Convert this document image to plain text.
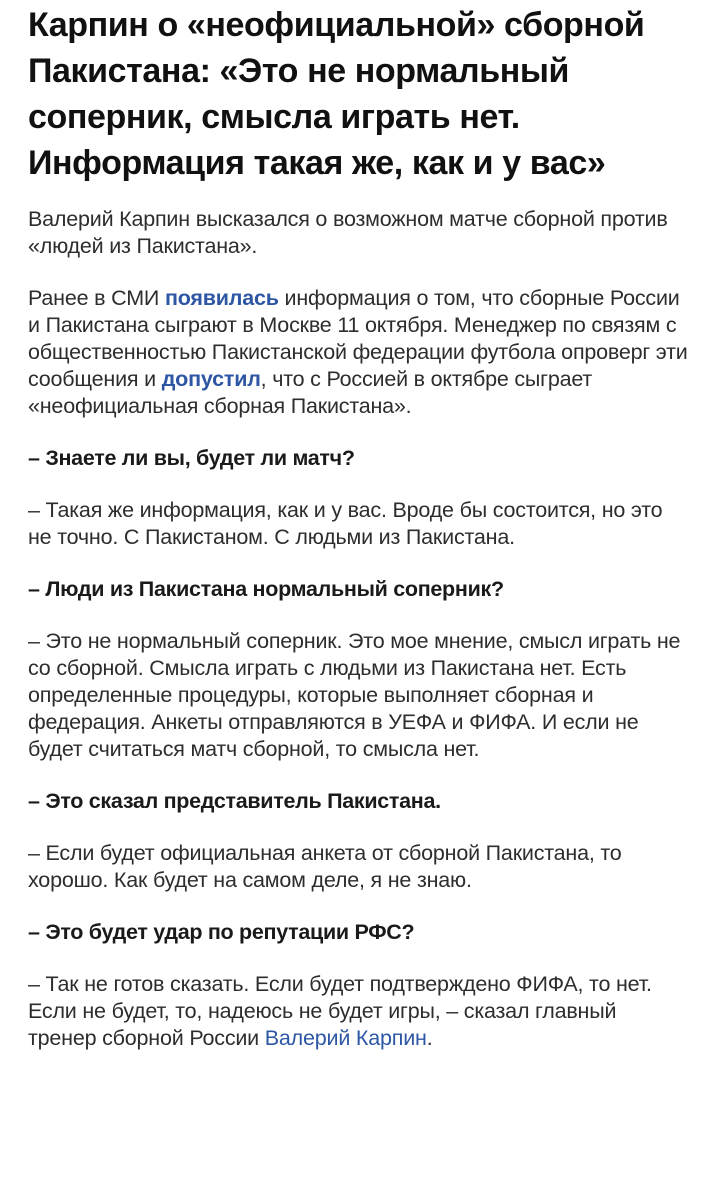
Карпин о «неофициальной» сборной Пакистана: «Это не нормальный соперник, смысла играть нет. Информация такая же, как и у вас»

Валерий Карпин высказался о возможном матче сборной против «людей из Пакистана».

Ранее в СМИ появилась информация о том, что сборные России и Пакистана сыграют в Москве 11 октября. Менеджер по связям с общественностью Пакистанской федерации футбола опроверг эти сообщения и допустил, что с Россией в октябре сыграет «неофициальная сборная Пакистана».

– Знаете ли вы, будет ли матч?

– Такая же информация, как и у вас. Вроде бы состоится, но это не точно. С Пакистаном. С людьми из Пакистана.

– Люди из Пакистана нормальный соперник?

– Это не нормальный соперник. Это мое мнение, смысл играть не со сборной. Смысла играть с людьми из Пакистана нет. Есть определенные процедуры, которые выполняет сборная и федерация. Анкеты отправляются в УЕФА и ФИФА. И если не будет считаться матч сборной, то смысла нет.

– Это сказал представитель Пакистана.

– Если будет официальная анкета от сборной Пакистана, то хорошо. Как будет на самом деле, я не знаю.

– Это будет удар по репутации РФС?

– Так не готов сказать. Если будет подтверждено ФИФА, то нет. Если не будет, то, надеюсь не будет игры, – сказал главный тренер сборной России Валерий Карпин.
